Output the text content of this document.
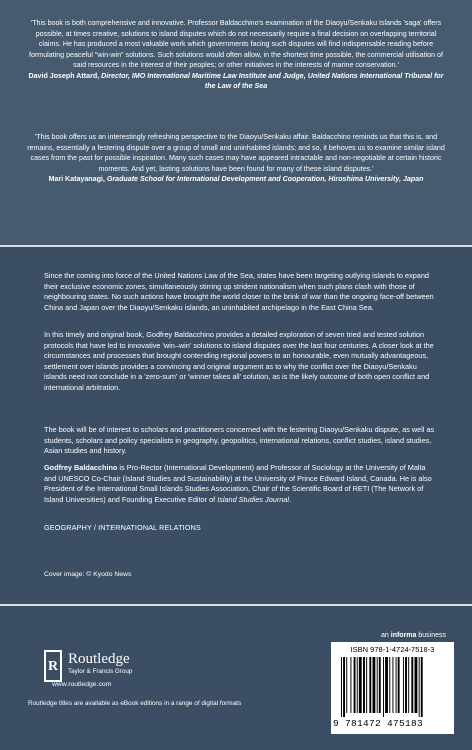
'This book is both comprehensive and innovative. Professor Baldacchino's examination of the Diaoyu/Senkaku Islands 'saga' offers possible, at times creative, solutions to island disputes which do not necessarily require a final decision on overlapping territorial claims. He has produced a most valuable work which governments facing such disputes will find indispensable reading before formulating peaceful "win-win" solutions. Such solutions would often allow, in the shortest time possible, the commercial utilisation of said resources in the interest of their peoples; or other initiatives in the interests of marine conservation.'
David Joseph Attard, Director, IMO International Maritime Law Institute and Judge, United Nations International Tribunal for the Law of the Sea
'This book offers us an interestingly refreshing perspective to the Diaoyu/Senkaku affair. Baldacchino reminds us that this is, and remains, essentially a festering dispute over a group of small and uninhabited islands; and so, it behoves us to examine similar island cases from the past for possible inspiration. Many such cases may have appeared intractable and non-negotiable at certain historic moments. And yet, lasting solutions have been found for many of these island disputes.'
Mari Katayanagi, Graduate School for International Development and Cooperation, Hiroshima University, Japan
Since the coming into force of the United Nations Law of the Sea, states have been targeting outlying islands to expand their exclusive economic zones, simultaneously stirring up strident nationalism when such plans clash with those of neighbouring states. No such actions have brought the world closer to the brink of war than the ongoing face-off between China and Japan over the Diaoyu/Senkaku islands, an uninhabited archipelago in the East China Sea.
In this timely and original book, Godfrey Baldacchino provides a detailed exploration of seven tried and tested solution protocols that have led to innovative 'win–win' solutions to island disputes over the last four centuries. A closer look at the circumstances and processes that brought contending regional powers to an honourable, even mutually advantageous, settlement over islands provides a convincing and original argument as to why the conflict over the Diaoyu/Senkaku islands need not conclude in a 'zero-sum' or 'winner takes all' solution, as is the likely outcome of both open conflict and international arbitration.
The book will be of interest to scholars and practitioners concerned with the festering Diaoyu/Senkaku dispute, as well as students, scholars and policy specialists in geography, geopolitics, international relations, conflict studies, island studies, Asian studies and history.
Godfrey Baldacchino is Pro-Rector (International Development) and Professor of Sociology at the University of Malta and UNESCO Co-Chair (Island Studies and Sustainability) at the University of Prince Edward Island, Canada. He is also President of the International Small Islands Studies Association, Chair of the Scientific Board of RETI (The Network of Island Universities) and Founding Executive Editor of Island Studies Journal.
GEOGRAPHY / INTERNATIONAL RELATIONS
Cover image: © Kyodo News
an informa business
R Routledge
Taylor & Francis Group
www.routledge.com
Routledge titles are available as eBook editions in a range of digital formats
ISBN 978-1-4724-7518-3
9 781472 475183
